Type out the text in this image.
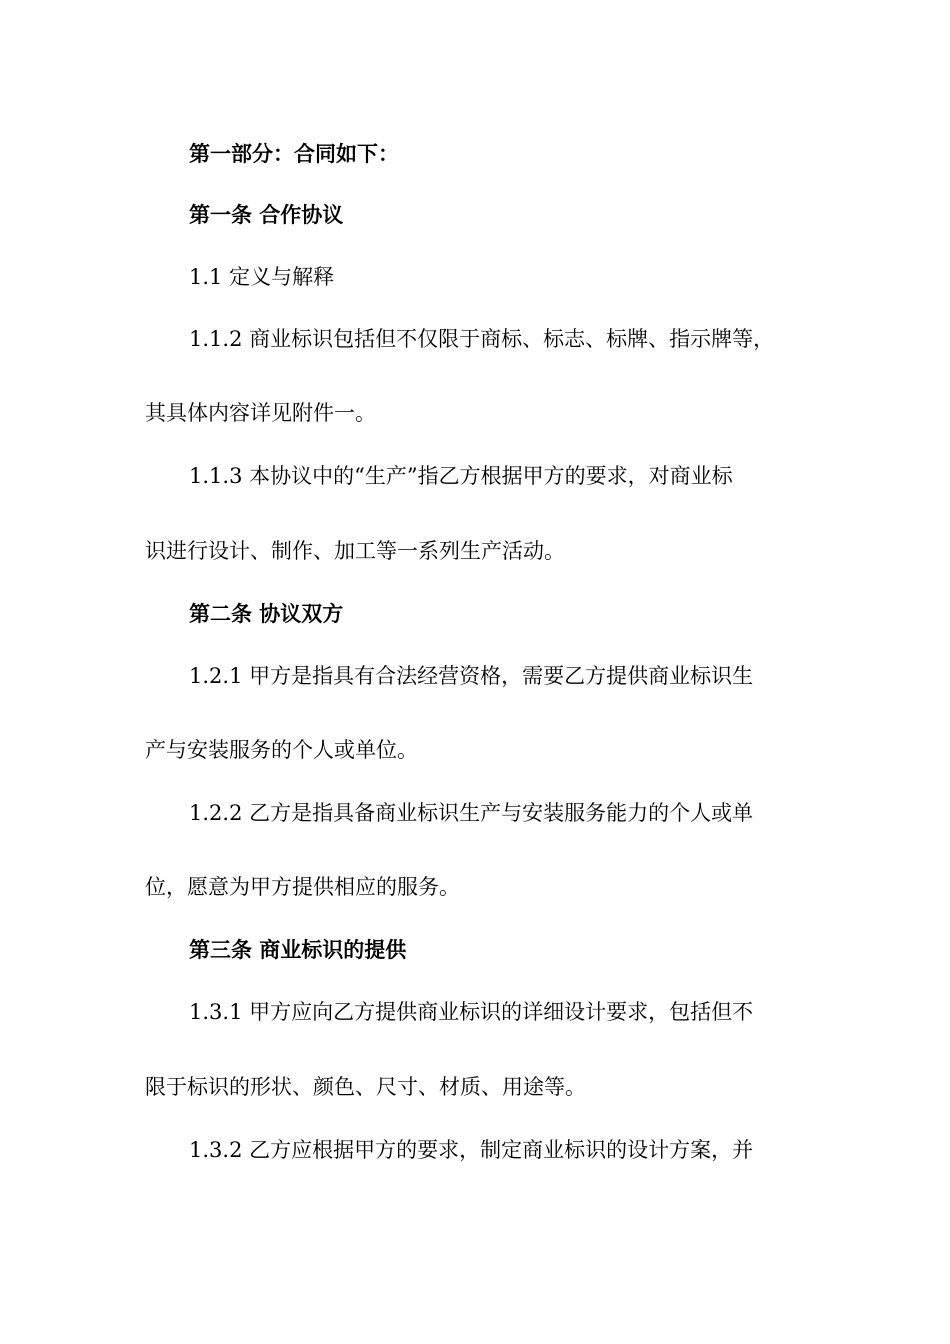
第一部分：合同如下：
第一条 合作协议
1.1 定义与解释
1.1.2 商业标识包括但不仅限于商标、标志、标牌、指示牌等，
其具体内容详见附件一。
1.1.3 本协议中的“生产”指乙方根据甲方的要求，对商业标
识进行设计、制作、加工等一系列生产活动。
第二条 协议双方
1.2.1 甲方是指具有合法经营资格，需要乙方提供商业标识生
产与安装服务的个人或单位。
1.2.2 乙方是指具备商业标识生产与安装服务能力的个人或单
位，愿意为甲方提供相应的服务。
第三条 商业标识的提供
1.3.1 甲方应向乙方提供商业标识的详细设计要求，包括但不
限于标识的形状、颜色、尺寸、材质、用途等。
1.3.2 乙方应根据甲方的要求，制定商业标识的设计方案，并
